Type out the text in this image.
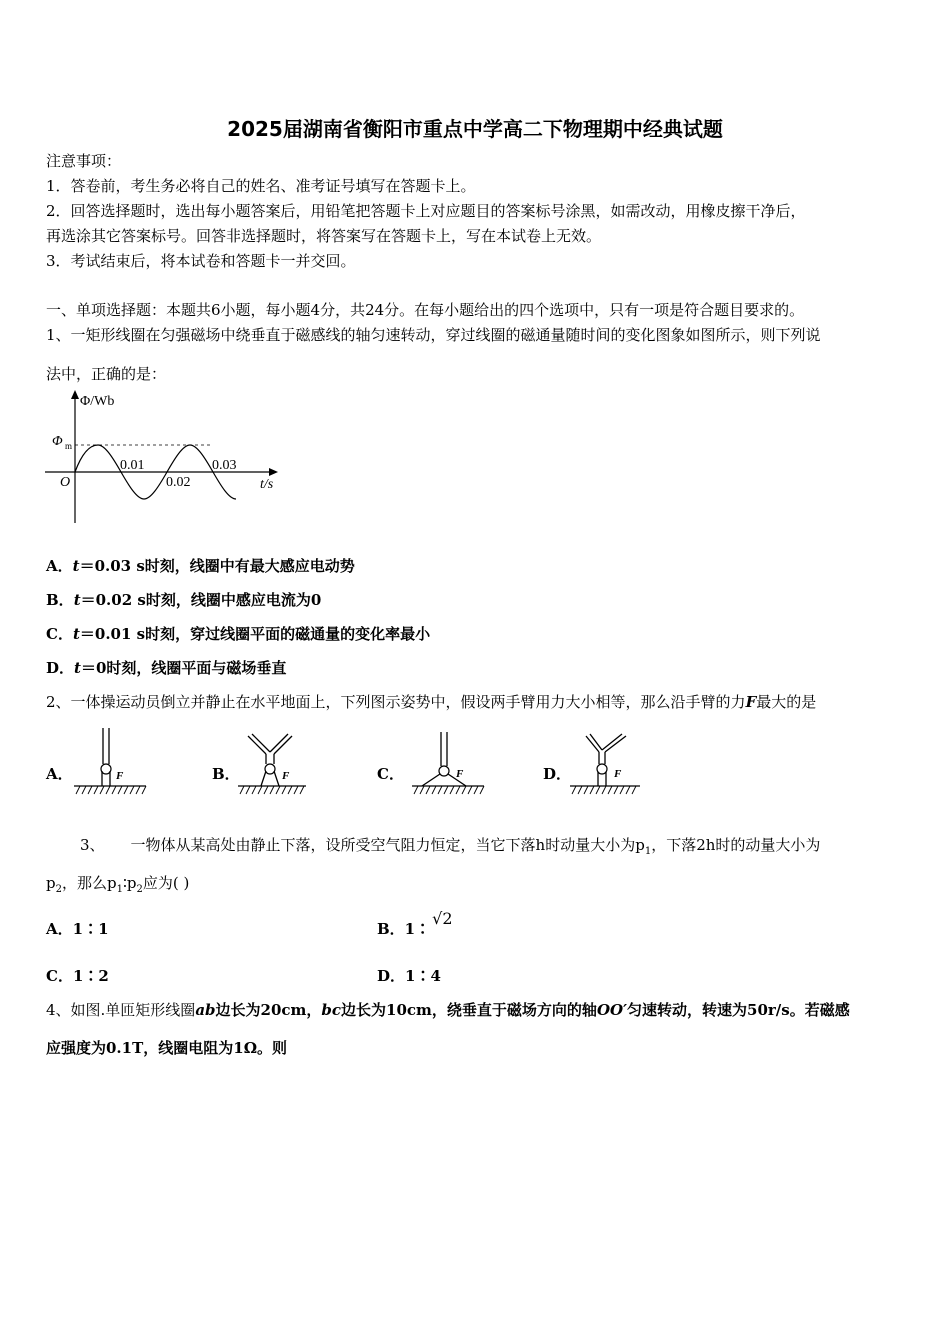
2025届湖南省衡阳市重点中学高二下物理期中经典试题
注意事项：
1．答卷前，考生务必将自己的姓名、准考证号填写在答题卡上。
2．回答选择题时，选出每小题答案后，用铅笔把答题卡上对应题目的答案标号涂黑，如需改动，用橡皮擦干净后，
再选涂其它答案标号。回答非选择题时，将答案写在答题卡上，写在本试卷上无效。
3．考试结束后，将本试卷和答题卡一并交回。
一、单项选择题：本题共6小题，每小题4分，共24分。在每小题给出的四个选项中，只有一项是符合题目要求的。
1、一矩形线圈在匀强磁场中绕垂直于磁感线的轴匀速转动，穿过线圈的磁通量随时间的变化图象如图所示，则下列说
法中，正确的是：
Φ/Wb
Φ m
O
0.01
0.02
0.03
t/s
A．t＝0.03 s时刻，线圈中有最大感应电动势
B．t＝0.02 s时刻，线圈中感应电流为0
C．t＝0.01 s时刻，穿过线圈平面的磁通量的变化率最小
D．t＝0时刻，线圈平面与磁场垂直
2、一体操运动员倒立并静止在水平地面上，下列图示姿势中，假设两手臂用力大小相等，那么沿手臂的力F最大的是
A．	B．	C．	D．
F	F	F	F
3、 一物体从某高处由静止下落，设所受空气阻力恒定，当它下落h时动量大小为$p_1$，下落2h时的动量大小为
$p_2$，那么$p_1∶p_2$应为( )
A．1∶1	B．1∶√2
C．1∶2	D．1∶4
4、如图.单匝矩形线圈ab边长为20cm，bc边长为10cm，绕垂直于磁场方向的轴OO′匀速转动，转速为50r/s。若磁感
应强度为0.1T，线圈电阻为1Ω。则
